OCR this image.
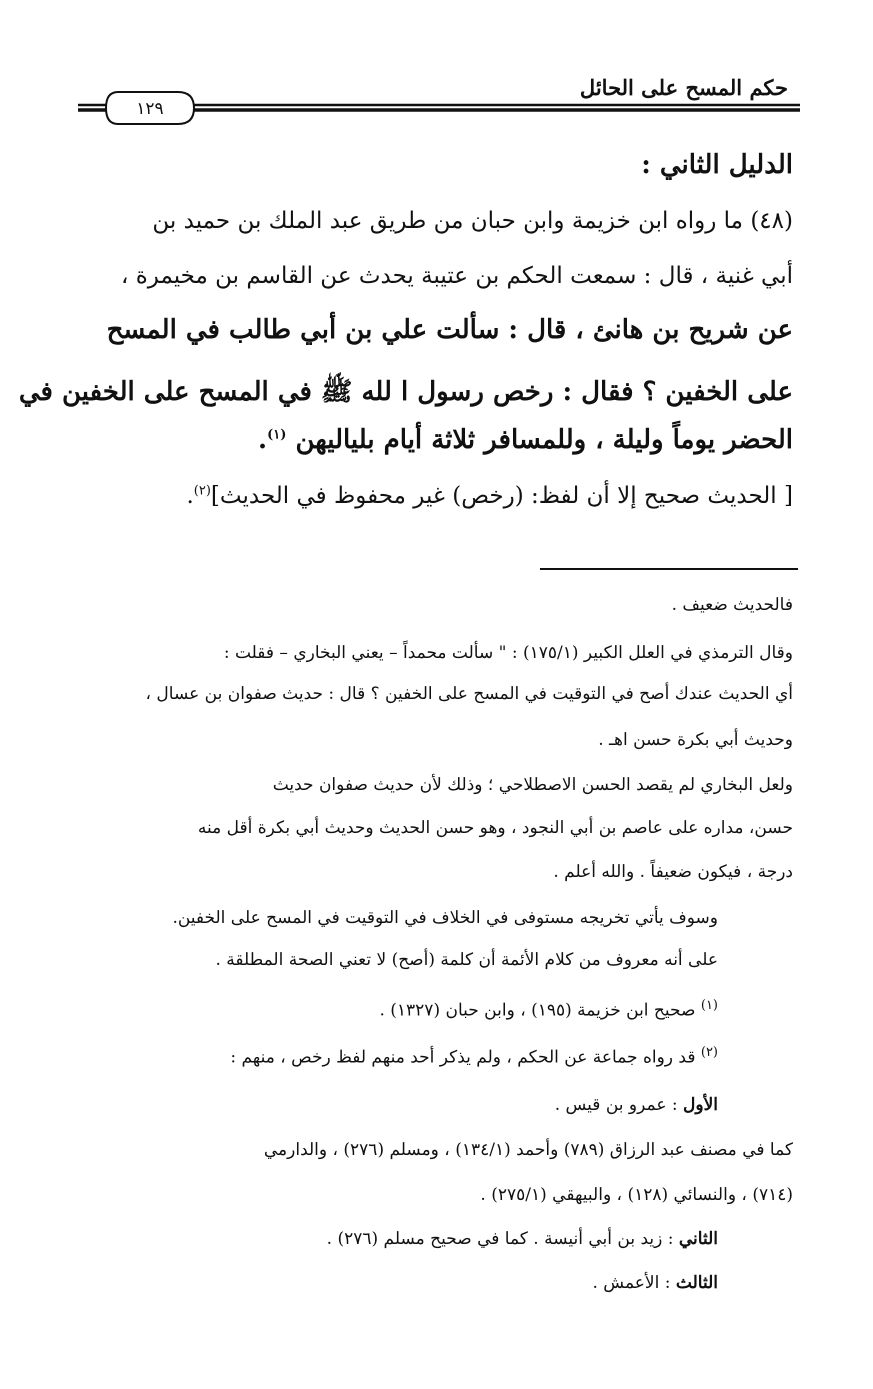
حكم المسح على الحائل
١٢٩
الدليل الثاني :
(٤٨) ما رواه ابن خزيمة وابن حبان من طريق عبد الملك بن حميد بن
أبي غنية ، قال : سمعت الحكم بن عتيبة يحدث عن القاسم بن مخيمرة ،
عن شريح بن هانئ ، قال : سألت علي بن أبي طالب في المسح
على الخفين ؟ فقال : رخص رسول ا لله ﷺ في المسح على الخفين في
الحضر يوماً وليلة ، وللمسافر ثلاثة أيام بلياليهن $^{(١)}$.
[ الحديث صحيح إلا أن لفظ: (رخص) غير محفوظ في الحديث]$^{(٢)}$.
فالحديث ضعيف .
وقال الترمذي في العلل الكبير (١٧٥/١) : " سألت محمداً – يعني البخاري – فقلت :
أي الحديث عندك أصح في التوقيت في المسح على الخفين ؟ قال : حديث صفوان بن عسال ،
وحديث أبي بكرة حسن اهـ .
ولعل البخاري لم يقصد الحسن الاصطلاحي ؛ وذلك لأن حديث صفوان حديث
حسن، مداره على عاصم بن أبي النجود ، وهو حسن الحديث وحديث أبي بكرة أقل منه
درجة ، فيكون ضعيفاً . والله أعلم .
وسوف يأتي تخريجه مستوفى في الخلاف في التوقيت في المسح على الخفين.
على أنه معروف من كلام الأئمة أن كلمة (أصح) لا تعني الصحة المطلقة .
$^{(١)}$ صحيح ابن خزيمة (١٩٥) ، وابن حبان (١٣٢٧) .
$^{(٢)}$ قد رواه جماعة عن الحكم ، ولم يذكر أحد منهم لفظ رخص ، منهم :
الأول : عمرو بن قيس .
كما في مصنف عبد الرزاق (٧٨٩) وأحمد (١٣٤/١) ، ومسلم (٢٧٦) ، والدارمي
(٧١٤) ، والنسائي (١٢٨) ، والبيهقي (٢٧٥/١) .
الثاني : زيد بن أبي أنيسة . كما في صحيح مسلم (٢٧٦) .
الثالث : الأعمش .
